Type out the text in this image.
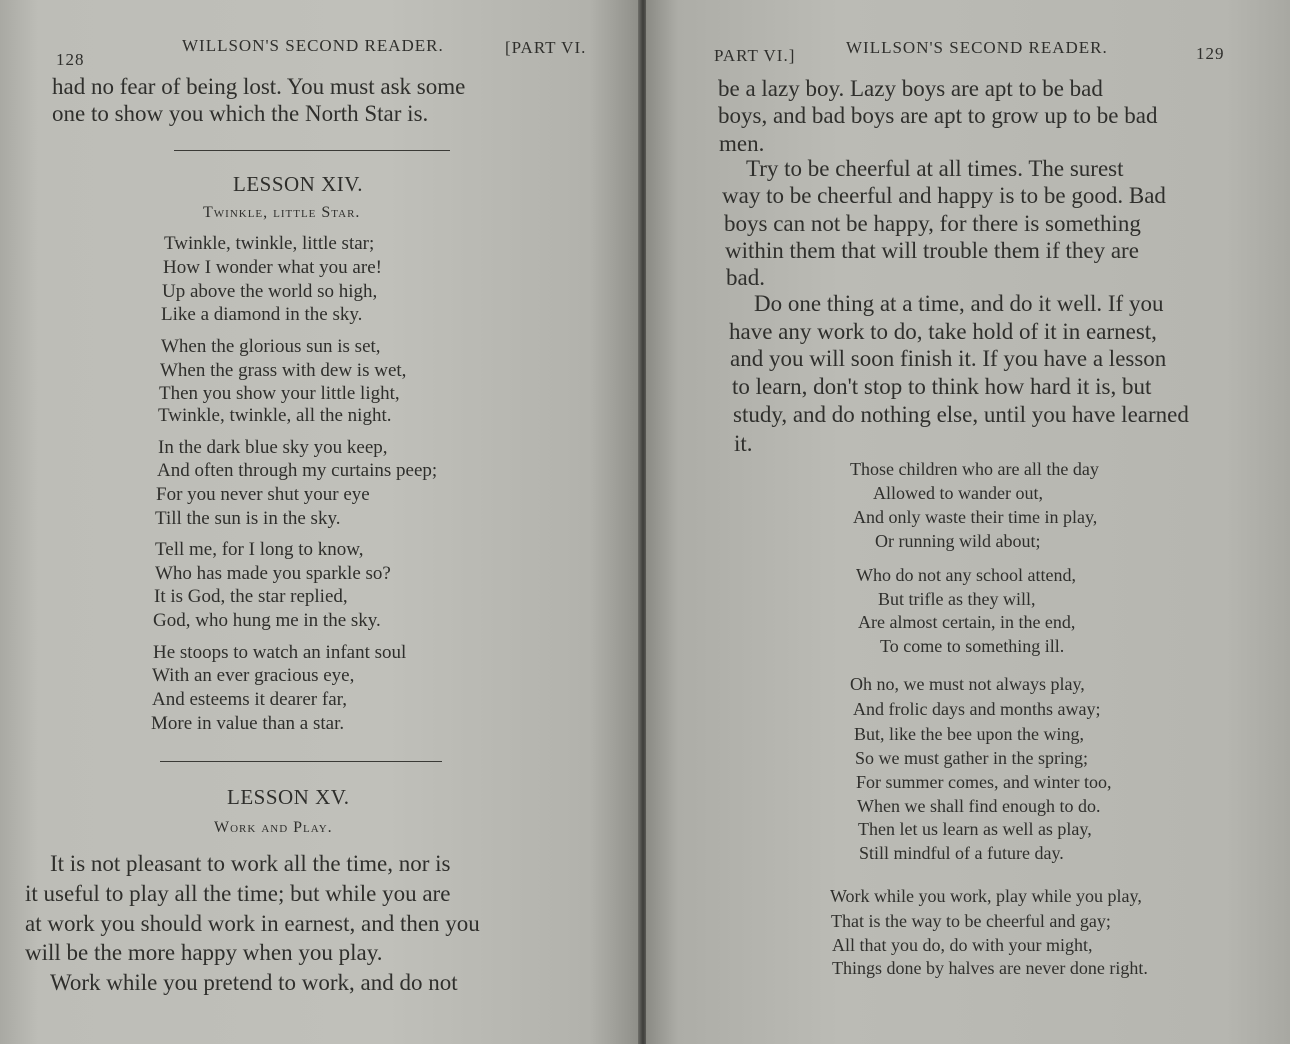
128
WILLSON'S SECOND READER.	[PART VI.
had no fear of being lost. You must ask some
one to show you which the North Star is.
LESSON XIV.
Twinkle, little Star.
Twinkle, twinkle, little star;
How I wonder what you are!
Up above the world so high,
Like a diamond in the sky.
When the glorious sun is set,
When the grass with dew is wet,
Then you show your little light,
Twinkle, twinkle, all the night.
In the dark blue sky you keep,
And often through my curtains peep;
For you never shut your eye
Till the sun is in the sky.
Tell me, for I long to know,
Who has made you sparkle so?
It is God, the star replied,
God, who hung me in the sky.
He stoops to watch an infant soul
With an ever gracious eye,
And esteems it dearer far,
More in value than a star.
LESSON XV.
Work and Play.
It is not pleasant to work all the time, nor is
it useful to play all the time; but while you are
at work you should work in earnest, and then you
will be the more happy when you play.
Work while you pretend to work, and do not
PART VI.]	WILLSON'S SECOND READER.	129
be a lazy boy. Lazy boys are apt to be bad
boys, and bad boys are apt to grow up to be bad
men.
Try to be cheerful at all times. The surest
way to be cheerful and happy is to be good. Bad
boys can not be happy, for there is something
within them that will trouble them if they are
bad.
Do one thing at a time, and do it well. If you
have any work to do, take hold of it in earnest,
and you will soon finish it. If you have a lesson
to learn, don't stop to think how hard it is, but
study, and do nothing else, until you have learned
it.
Those children who are all the day
Allowed to wander out,
And only waste their time in play,
Or running wild about;
Who do not any school attend,
But trifle as they will,
Are almost certain, in the end,
To come to something ill.
Oh no, we must not always play,
And frolic days and months away;
But, like the bee upon the wing,
So we must gather in the spring;
For summer comes, and winter too,
When we shall find enough to do.
Then let us learn as well as play,
Still mindful of a future day.
Work while you work, play while you play,
That is the way to be cheerful and gay;
All that you do, do with your might,
Things done by halves are never done right.
